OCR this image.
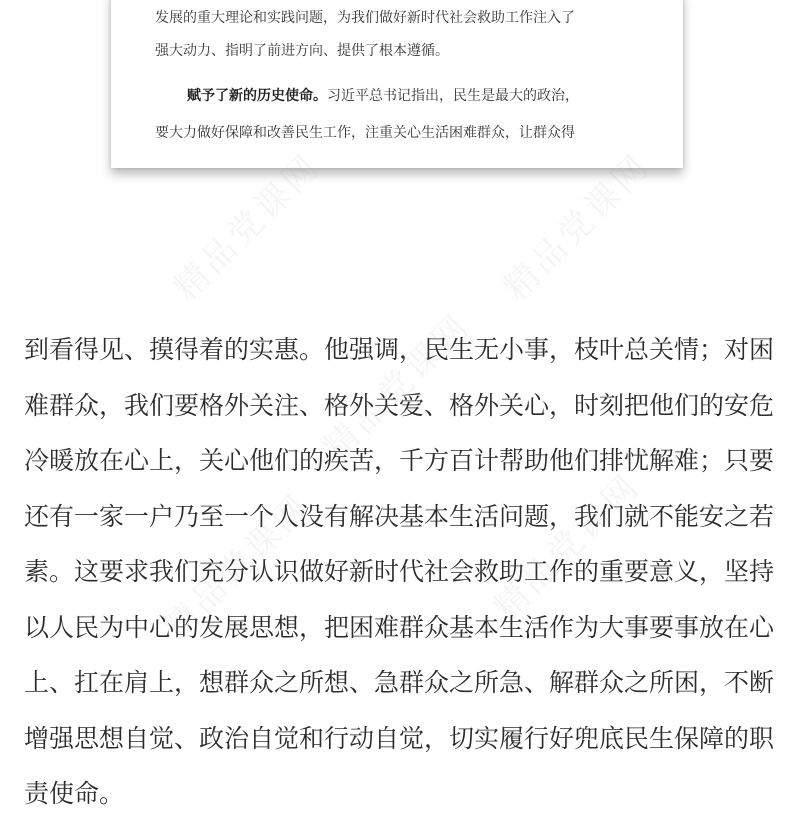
发展的重大理论和实践问题，为我们做好新时代社会救助工作注入了
强大动力、指明了前进方向、提供了根本遵循。
赋予了新的历史使命。习近平总书记指出，民生是最大的政治，
要大力做好保障和改善民生工作，注重关心生活困难群众，让群众得
到看得见、摸得着的实惠。他强调，民生无小事，枝叶总关情；对困
难群众，我们要格外关注、格外关爱、格外关心，时刻把他们的安危
冷暖放在心上，关心他们的疾苦，千方百计帮助他们排忧解难；只要
还有一家一户乃至一个人没有解决基本生活问题，我们就不能安之若
素。这要求我们充分认识做好新时代社会救助工作的重要意义，坚持
以人民为中心的发展思想，把困难群众基本生活作为大事要事放在心
上、扛在肩上，想群众之所想、急群众之所急、解群众之所困，不断
增强思想自觉、政治自觉和行动自觉，切实履行好兜底民生保障的职
责使命。
精品党课网	精品党课网
精品党课网
精品党课网	精品党课网
